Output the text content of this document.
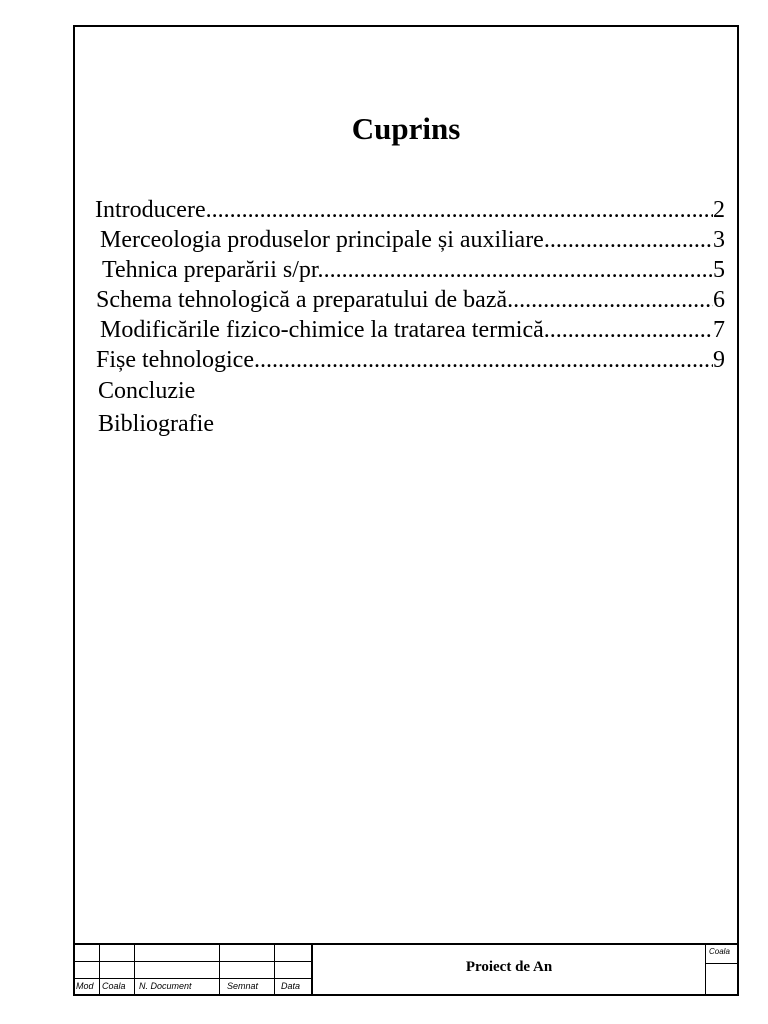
Cuprins
Introducere .....	2
Merceologia produselor principale și auxiliare .....	3
Tehnica preparării s/pr. .....	5
Schema tehnologică a preparatului de bază .....	6
Modificările fizico-chimice la tratarea termică .....	7
Fișe tehnologice .....	9
Concluzie
Bibliografie
Mod Coala N. Document	Semnat	Data
Proiect de An
Coala
